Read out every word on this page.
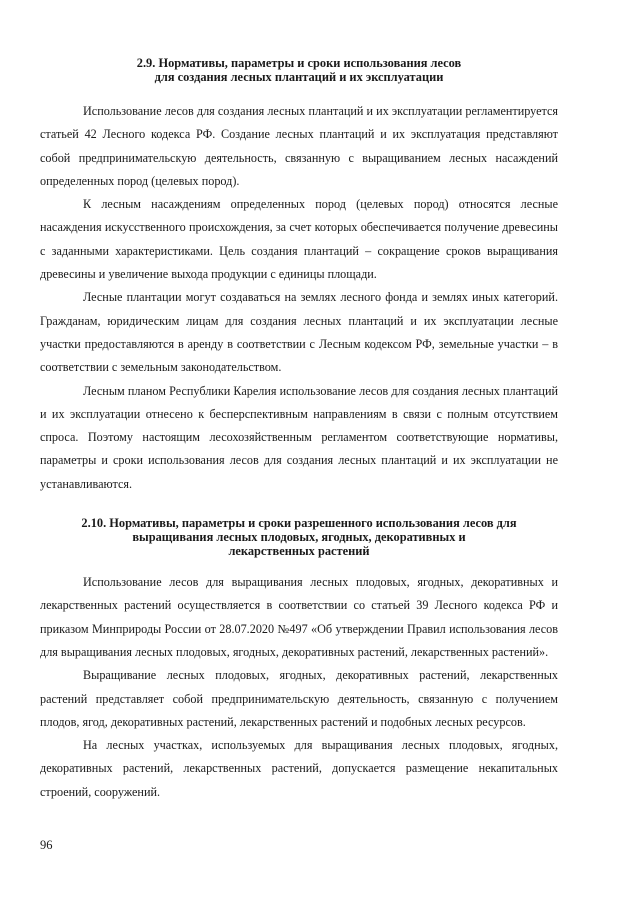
2.9. Нормативы, параметры и сроки использования лесов
для создания лесных плантаций и их эксплуатации

Использование лесов для создания лесных плантаций и их эксплуатации регламентируется статьей 42 Лесного кодекса РФ. Создание лесных плантаций и их эксплуатация представляют собой предпринимательскую деятельность, связанную с выращиванием лесных насаждений определенных пород (целевых пород).

К лесным насаждениям определенных пород (целевых пород) относятся лесные насаждения искусственного происхождения, за счет которых обеспечивается получение древесины с заданными характеристиками. Цель создания плантаций – сокращение сроков выращивания древесины и увеличение выхода продукции с единицы площади.

Лесные плантации могут создаваться на землях лесного фонда и землях иных категорий. Гражданам, юридическим лицам для создания лесных плантаций и их эксплуатации лесные участки предоставляются в аренду в соответствии с Лесным кодексом РФ, земельные участки – в соответствии с земельным законодательством.

Лесным планом Республики Карелия использование лесов для создания лесных плантаций и их эксплуатации отнесено к бесперспективным направлениям в связи с полным отсутствием спроса. Поэтому настоящим лесохозяйственным регламентом соответствующие нормативы, параметры и сроки использования лесов для создания лесных плантаций и их эксплуатации не устанавливаются.

2.10. Нормативы, параметры и сроки разрешенного использования лесов для
выращивания лесных плодовых, ягодных, декоративных и
лекарственных растений

Использование лесов для выращивания лесных плодовых, ягодных, декоративных и лекарственных растений осуществляется в соответствии со статьей 39 Лесного кодекса РФ и приказом Минприроды России от 28.07.2020 №497 «Об утверждении Правил использования лесов для выращивания лесных плодовых, ягодных, декоративных растений, лекарственных растений».

Выращивание лесных плодовых, ягодных, декоративных растений, лекарственных растений представляет собой предпринимательскую деятельность, связанную с получением плодов, ягод, декоративных растений, лекарственных растений и подобных лесных ресурсов.

На лесных участках, используемых для выращивания лесных плодовых, ягодных, декоративных растений, лекарственных растений, допускается размещение некапитальных строений, сооружений.

96
